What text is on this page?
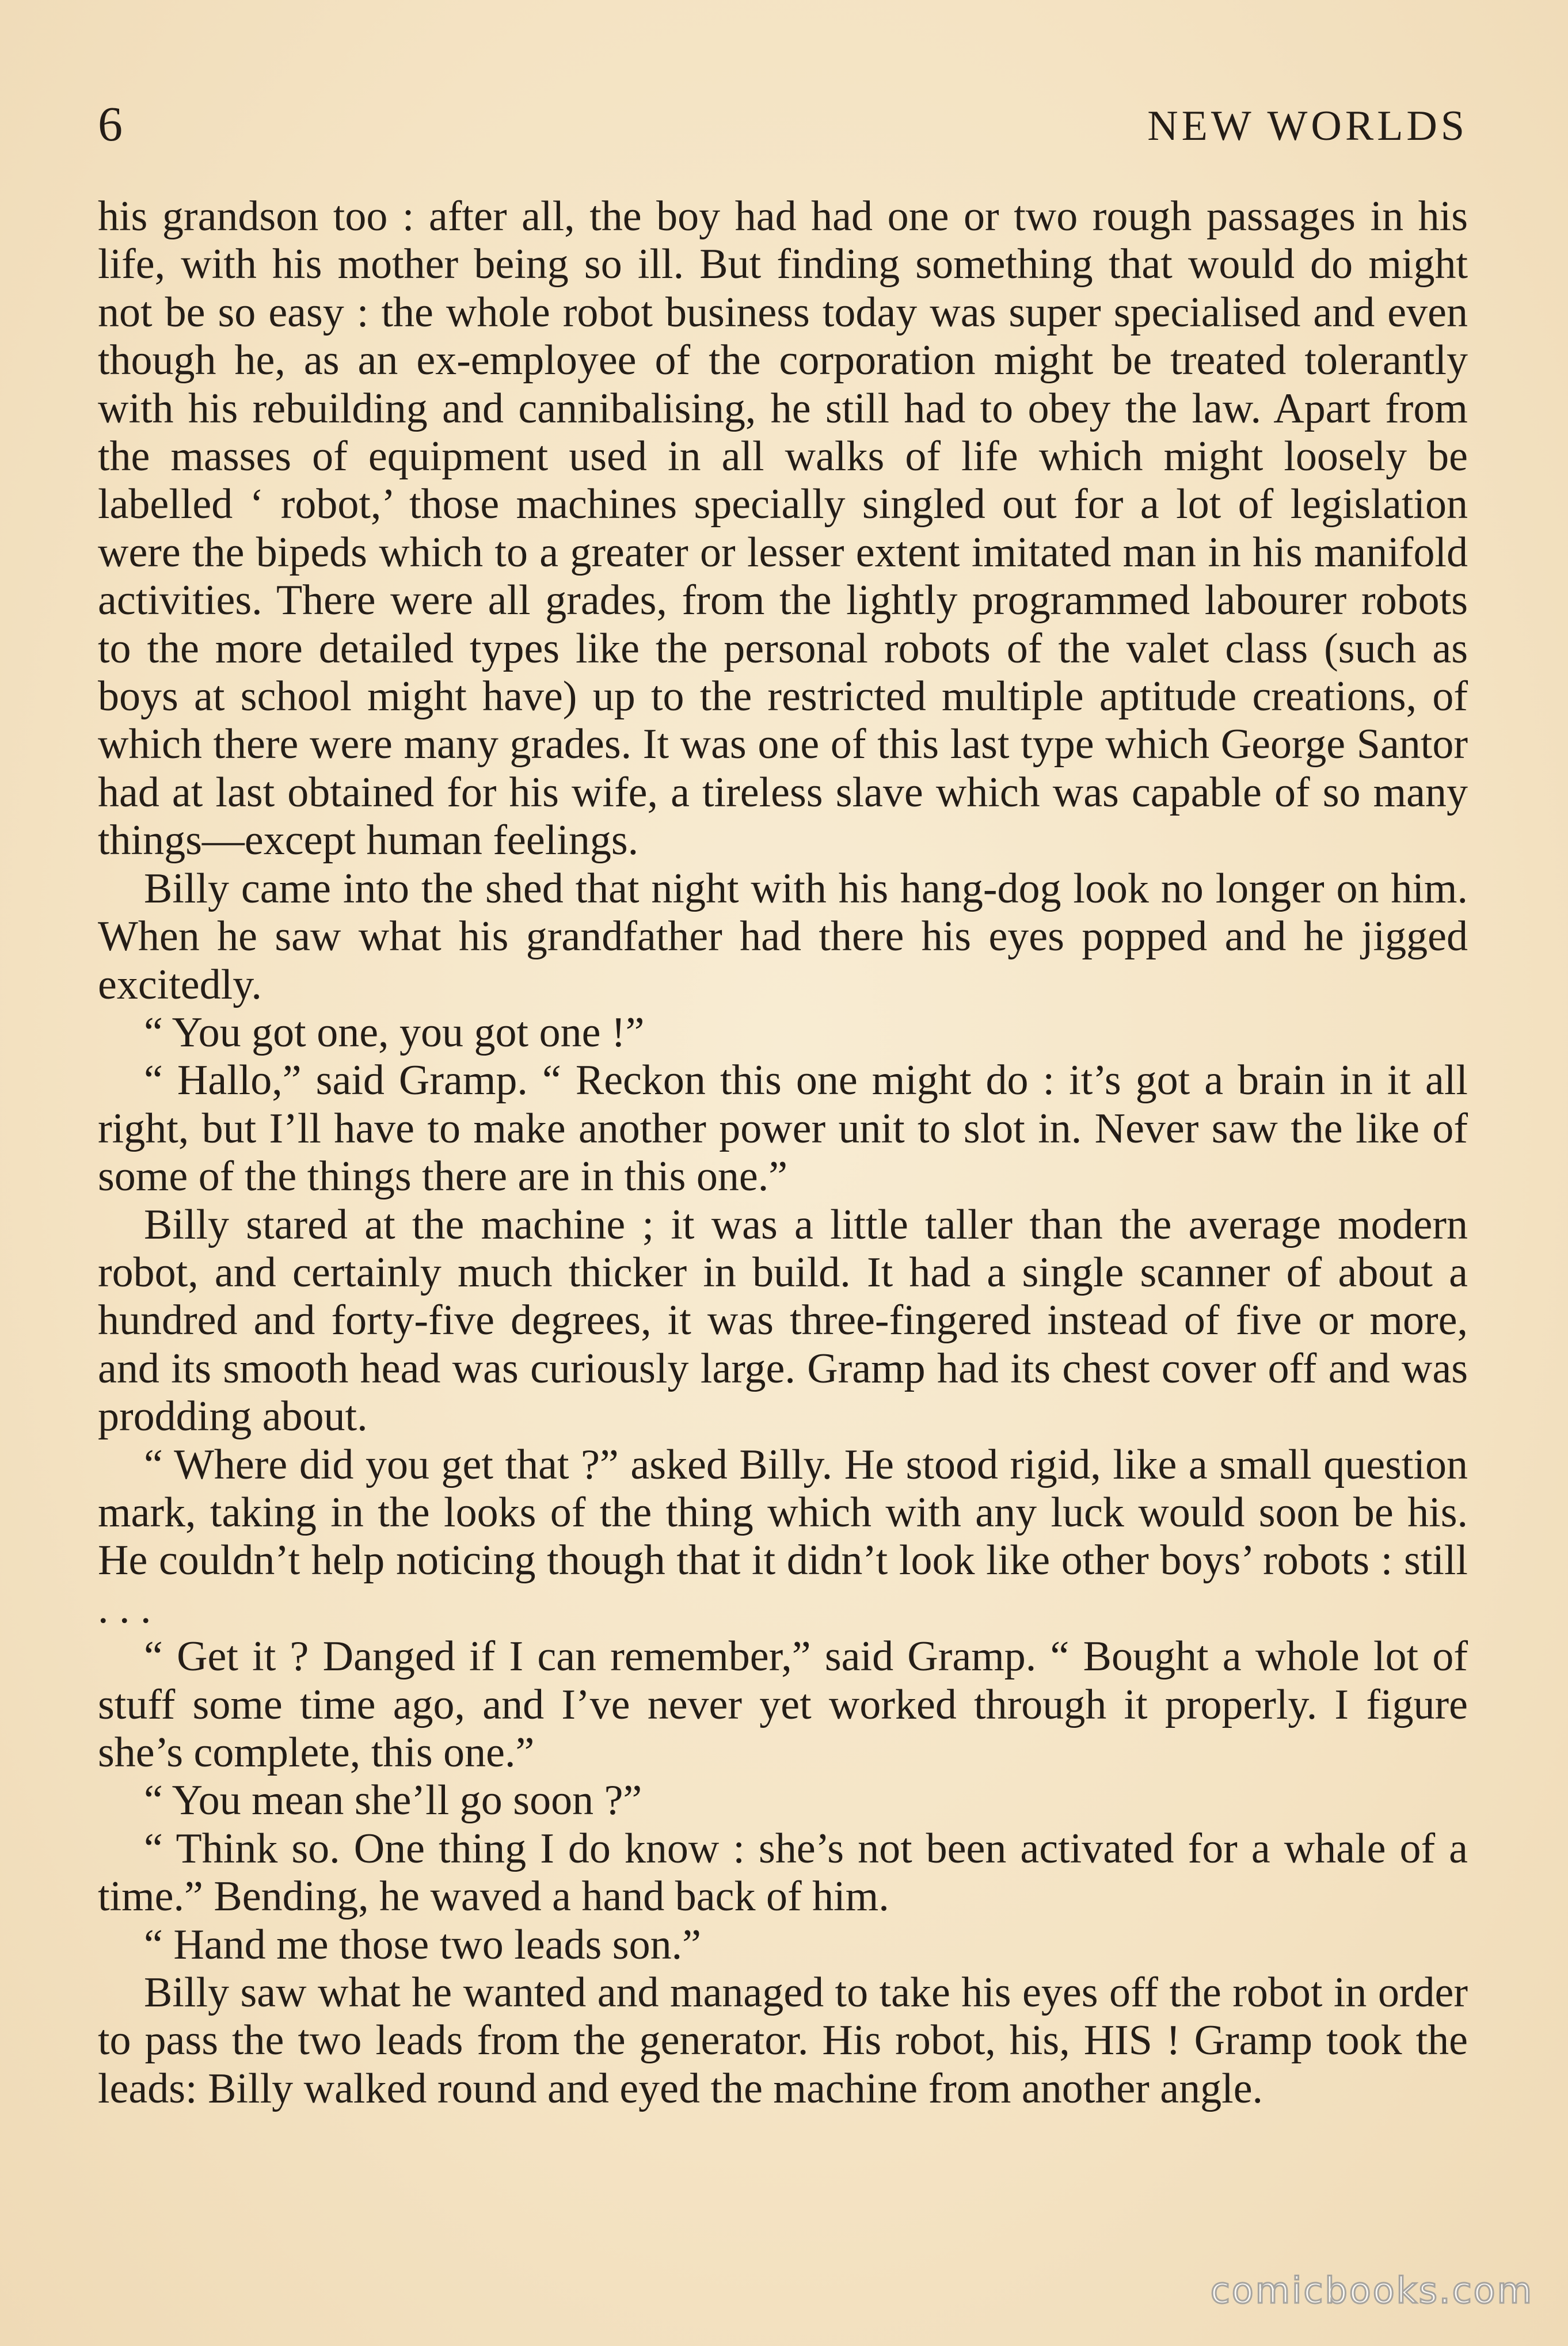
6	NEW WORLDS

his grandson too : after all, the boy had had one or two rough passages in his life, with his mother being so ill. But finding something that would do might not be so easy : the whole robot business today was super specialised and even though he, as an ex-employee of the corporation might be treated tolerantly with his rebuilding and cannibalising, he still had to obey the law. Apart from the masses of equipment used in all walks of life which might loosely be labelled ‘ robot,’ those machines specially singled out for a lot of legislation were the bipeds which to a greater or lesser extent imitated man in his manifold activities. There were all grades, from the lightly programmed labourer robots to the more detailed types like the personal robots of the valet class (such as boys at school might have) up to the restricted multiple aptitude creations, of which there were many grades. It was one of this last type which George Santor had at last obtained for his wife, a tireless slave which was capable of so many things—except human feelings.

Billy came into the shed that night with his hang-dog look no longer on him. When he saw what his grandfather had there his eyes popped and he jigged excitedly.

“ You got one, you got one !”

“ Hallo,” said Gramp. “ Reckon this one might do : it’s got a brain in it all right, but I’ll have to make another power unit to slot in. Never saw the like of some of the things there are in this one.”

Billy stared at the machine ; it was a little taller than the average modern robot, and certainly much thicker in build. It had a single scanner of about a hundred and forty-five degrees, it was three-fingered instead of five or more, and its smooth head was curiously large. Gramp had its chest cover off and was prodding about.

“ Where did you get that ?” asked Billy. He stood rigid, like a small question mark, taking in the looks of the thing which with any luck would soon be his. He couldn’t help noticing though that it didn’t look like other boys’ robots : still . . .

“ Get it ? Danged if I can remember,” said Gramp. “ Bought a whole lot of stuff some time ago, and I’ve never yet worked through it properly. I figure she’s complete, this one.”

“ You mean she’ll go soon ?”

“ Think so. One thing I do know : she’s not been activated for a whale of a time.” Bending, he waved a hand back of him.

“ Hand me those two leads son.”

Billy saw what he wanted and managed to take his eyes off the robot in order to pass the two leads from the generator. His robot, his, HIS ! Gramp took the leads: Billy walked round and eyed the machine from another angle.

comicbooks.com
